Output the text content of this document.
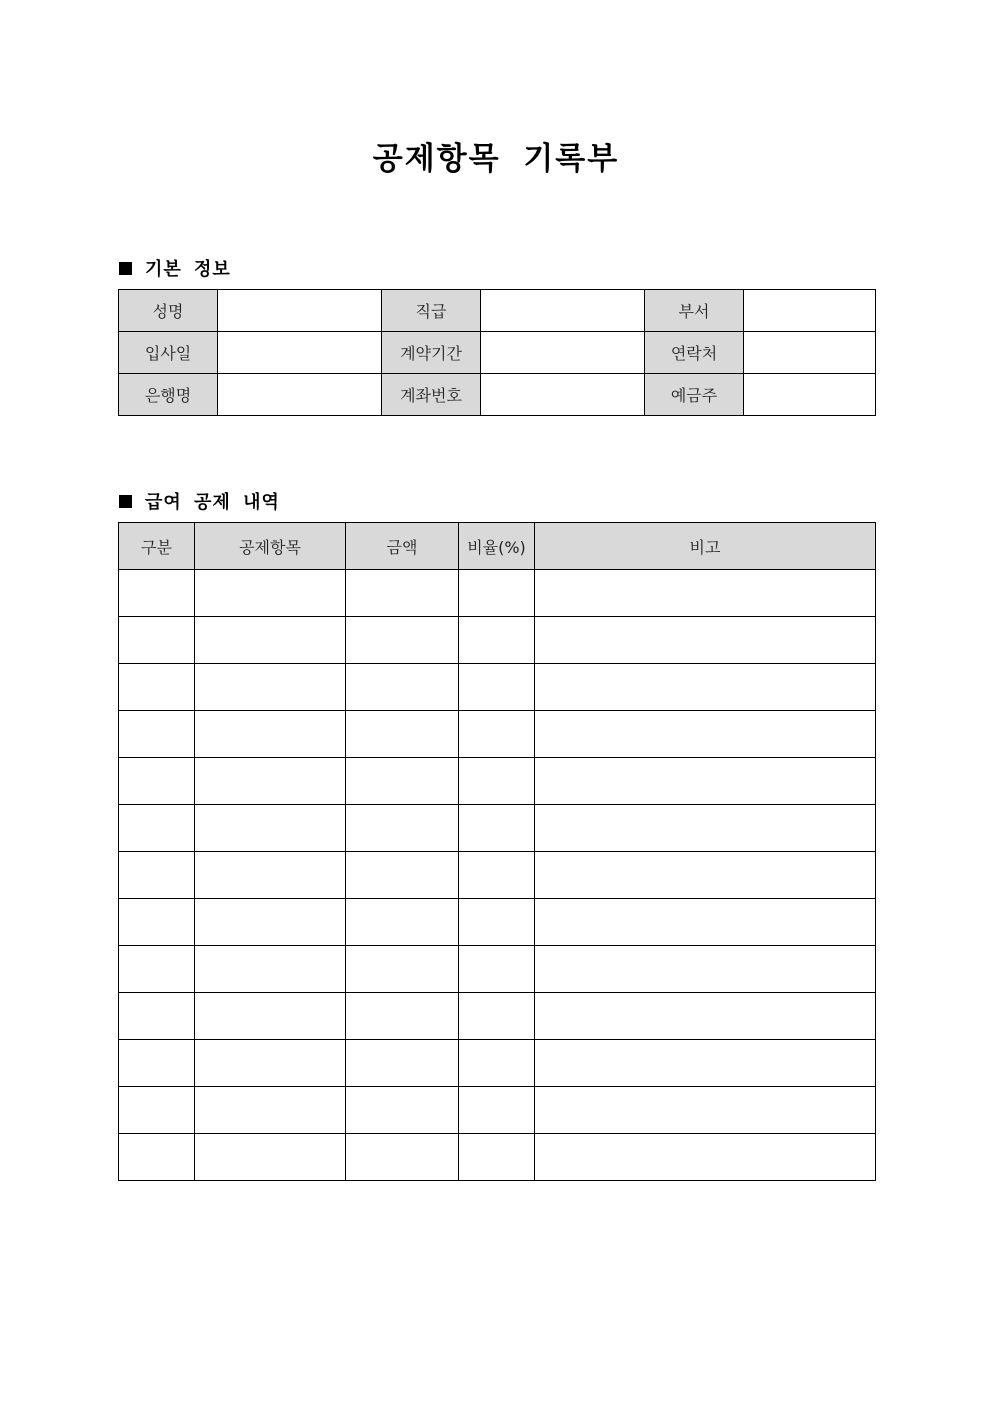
공제항목 기록부
기본 정보
성명		직급		부서	
입사일		계약기간		연락처	
은행명		계좌번호		예금주	
급여 공제 내역
구분	공제항목	금액	비율(%)	비고
